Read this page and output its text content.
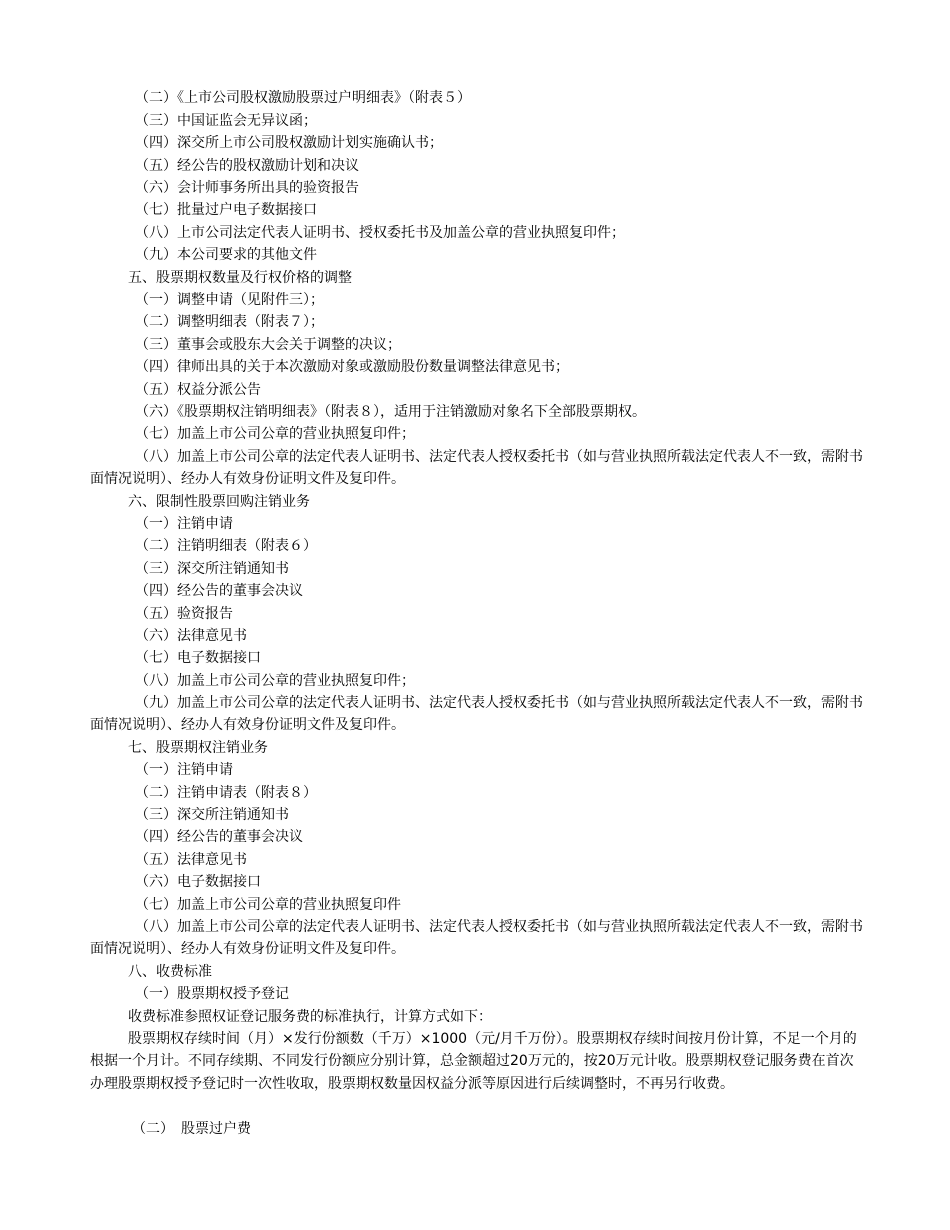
（二）《上市公司股权激励股票过户明细表》（附表５）

（三）中国证监会无异议函；

（四）深交所上市公司股权激励计划实施确认书；

（五）经公告的股权激励计划和决议

（六）会计师事务所出具的验资报告

（七）批量过户电子数据接口

（八）上市公司法定代表人证明书、授权委托书及加盖公章的营业执照复印件；

（九）本公司要求的其他文件

五、股票期权数量及行权价格的调整

（一）调整申请（见附件三）；

（二）调整明细表（附表７）；

（三）董事会或股东大会关于调整的决议；

（四）律师出具的关于本次激励对象或激励股份数量调整法律意见书；

（五）权益分派公告

（六）《股票期权注销明细表》（附表８），适用于注销激励对象名下全部股票期权。

（七）加盖上市公司公章的营业执照复印件；

（八）加盖上市公司公章的法定代表人证明书、法定代表人授权委托书（如与营业执照所载法定代表人不一致，需附书面情况说明）、经办人有效身份证明文件及复印件。

六、限制性股票回购注销业务

（一）注销申请

（二）注销明细表（附表６）

（三）深交所注销通知书

（四）经公告的董事会决议

（五）验资报告

（六）法律意见书

（七）电子数据接口

（八）加盖上市公司公章的营业执照复印件；

（九）加盖上市公司公章的法定代表人证明书、法定代表人授权委托书（如与营业执照所载法定代表人不一致，需附书面情况说明）、经办人有效身份证明文件及复印件。

七、股票期权注销业务

（一）注销申请

（二）注销申请表（附表８）

（三）深交所注销通知书

（四）经公告的董事会决议

（五）法律意见书

（六）电子数据接口

（七）加盖上市公司公章的营业执照复印件

（八）加盖上市公司公章的法定代表人证明书、法定代表人授权委托书（如与营业执照所载法定代表人不一致，需附书面情况说明）、经办人有效身份证明文件及复印件。

八、收费标准

（一）股票期权授予登记

收费标准参照权证登记服务费的标准执行，计算方式如下：

股票期权存续时间（月）×发行份额数（千万）×1000（元/月千万份）。股票期权存续时间按月份计算，不足一个月的根据一个月计。不同存续期、不同发行份额应分别计算，总金额超过20万元的，按20万元计收。股票期权登记服务费在首次办理股票期权授予登记时一次性收取，股票期权数量因权益分派等原因进行后续调整时，不再另行收费。

（二）　股票过户费
